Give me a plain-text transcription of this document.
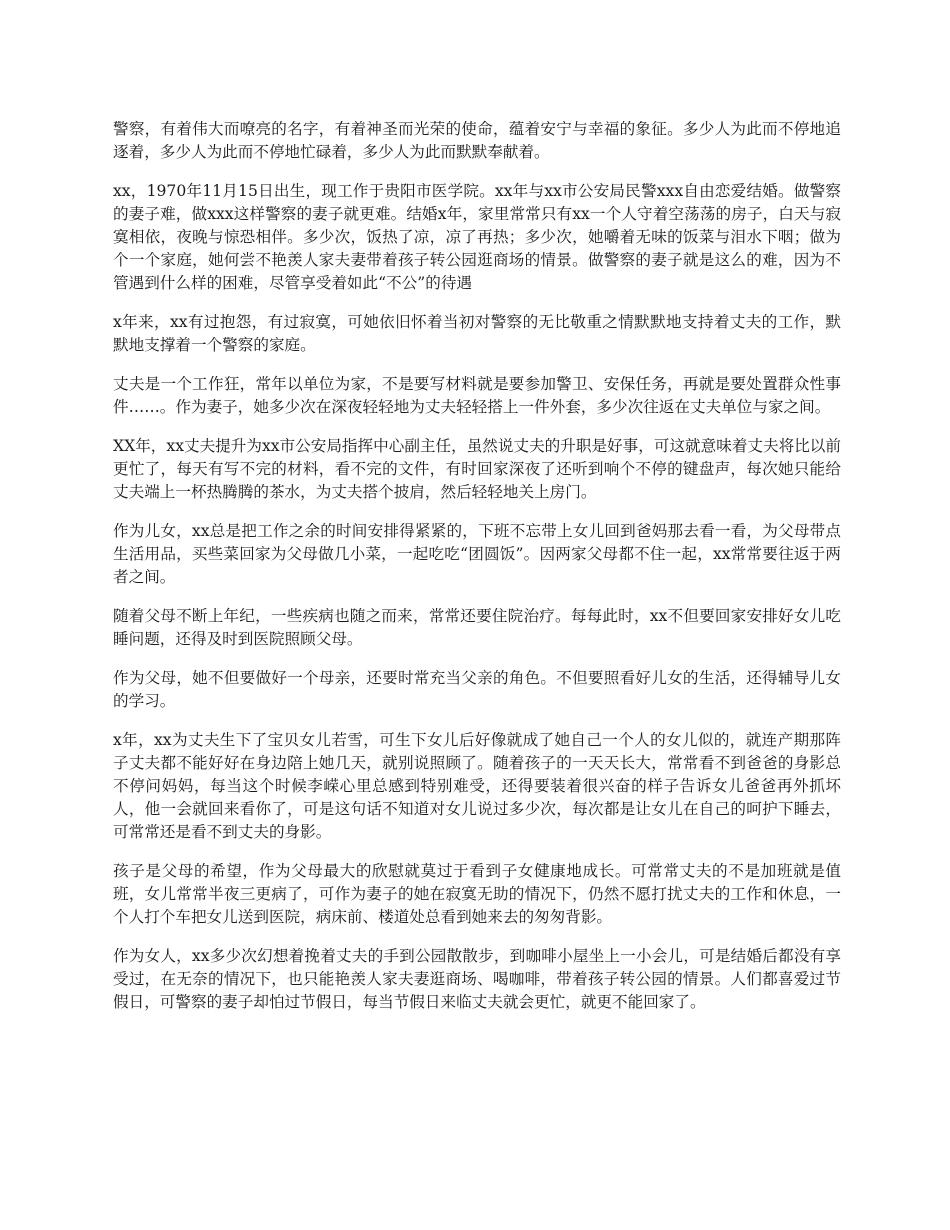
警察，有着伟大而嘹亮的名字，有着神圣而光荣的使命，蕴着安宁与幸福的象征。多少人为此而不停地追逐着，多少人为此而不停地忙碌着，多少人为此而默默奉献着。

xx，1970年11月15日出生，现工作于贵阳市医学院。xx年与xx市公安局民警xxx自由恋爱结婚。做警察的妻子难，做xxx这样警察的妻子就更难。结婚x年，家里常常只有xx一个人守着空荡荡的房子，白天与寂寞相依，夜晚与惊恐相伴。多少次，饭热了凉，凉了再热；多少次，她嚼着无味的饭菜与泪水下咽；做为个一个家庭，她何尝不艳羡人家夫妻带着孩子转公园逛商场的情景。做警察的妻子就是这么的难，因为不管遇到什么样的困难，尽管享受着如此“不公”的待遇

x年来，xx有过抱怨，有过寂寞，可她依旧怀着当初对警察的无比敬重之情默默地支持着丈夫的工作，默默地支撑着一个警察的家庭。

丈夫是一个工作狂，常年以单位为家，不是要写材料就是要参加警卫、安保任务，再就是要处置群众性事件……。作为妻子，她多少次在深夜轻轻地为丈夫轻轻搭上一件外套，多少次往返在丈夫单位与家之间。

XX年，xx丈夫提升为xx市公安局指挥中心副主任，虽然说丈夫的升职是好事，可这就意味着丈夫将比以前更忙了，每天有写不完的材料，看不完的文件，有时回家深夜了还听到响个不停的键盘声，每次她只能给丈夫端上一杯热腾腾的茶水，为丈夫搭个披肩，然后轻轻地关上房门。

作为儿女，xx总是把工作之余的时间安排得紧紧的，下班不忘带上女儿回到爸妈那去看一看，为父母带点生活用品，买些菜回家为父母做几小菜，一起吃吃“团圆饭”。因两家父母都不住一起，xx常常要往返于两者之间。

随着父母不断上年纪，一些疾病也随之而来，常常还要住院治疗。每每此时，xx不但要回家安排好女儿吃睡问题，还得及时到医院照顾父母。

作为父母，她不但要做好一个母亲，还要时常充当父亲的角色。不但要照看好儿女的生活，还得辅导儿女的学习。

x年，xx为丈夫生下了宝贝女儿若雪，可生下女儿后好像就成了她自己一个人的女儿似的，就连产期那阵子丈夫都不能好好在身边陪上她几天，就别说照顾了。随着孩子的一天天长大，常常看不到爸爸的身影总不停问妈妈，每当这个时候李嵘心里总感到特别难受，还得要装着很兴奋的样子告诉女儿爸爸再外抓坏人，他一会就回来看你了，可是这句话不知道对女儿说过多少次，每次都是让女儿在自己的呵护下睡去，可常常还是看不到丈夫的身影。

孩子是父母的希望，作为父母最大的欣慰就莫过于看到子女健康地成长。可常常丈夫的不是加班就是值班，女儿常常半夜三更病了，可作为妻子的她在寂寞无助的情况下，仍然不愿打扰丈夫的工作和休息，一个人打个车把女儿送到医院，病床前、楼道处总看到她来去的匆匆背影。

作为女人，xx多少次幻想着挽着丈夫的手到公园散散步，到咖啡小屋坐上一小会儿，可是结婚后都没有享受过，在无奈的情况下，也只能艳羡人家夫妻逛商场、喝咖啡，带着孩子转公园的情景。人们都喜爱过节假日，可警察的妻子却怕过节假日，每当节假日来临丈夫就会更忙，就更不能回家了。
